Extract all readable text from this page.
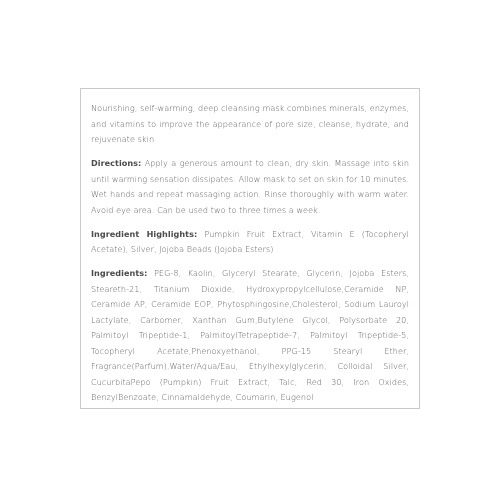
Nourishing, self-warming, deep cleansing mask combines minerals, enzymes, and vitamins to improve the appearance of pore size, cleanse, hydrate, and rejuvenate skin

Directions: Apply a generous amount to clean, dry skin. Massage into skin until warming sensation dissipates. Allow mask to set on skin for 10 minutes. Wet hands and repeat massaging action. Rinse thoroughly with warm water. Avoid eye area. Can be used two to three times a week.

Ingredient Highlights: Pumpkin Fruit Extract, Vitamin E (Tocopheryl Acetate), Silver, Jojoba Beads (Jojoba Esters)

Ingredients: PEG-8, Kaolin, Glyceryl Stearate, Glycerin, Jojoba Esters, Steareth-21, Titanium Dioxide, Hydroxypropylcellulose,Ceramide NP, Ceramide AP, Ceramide EOP, Phytosphingosine,Cholesterol, Sodium Lauroyl Lactylate, Carbomer, Xanthan Gum,Butylene Glycol, Polysorbate 20, Palmitoyl Tripeptide-1, PalmitoylTetrapeptide-7, Palmitoyl Tripeptide-5, Tocopheryl Acetate,Phenoxyethanol, PPG-15 Stearyl Ether, Fragrance(Parfum),Water/Aqua/Eau, Ethylhexylglycerin, Colloidal Silver, CucurbitaPepo (Pumpkin) Fruit Extract, Talc, Red 30, Iron Oxides, BenzylBenzoate, Cinnamaldehyde, Coumarin, Eugenol
